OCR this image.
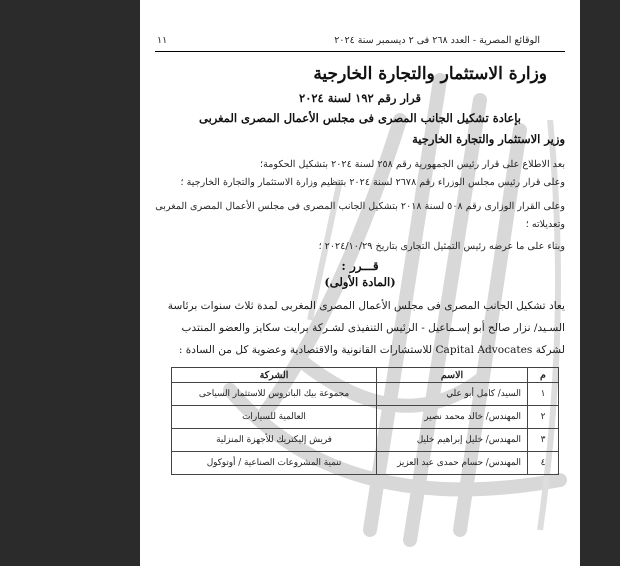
الوقائع المصرية - العدد ٢٦٨ فى ٢ ديسمبر سنة ٢٠٢٤
١١
وزارة الاستثمار والتجارة الخارجية
قرار رقم ١٩٢ لسنة ٢٠٢٤
بإعادة تشكيل الجانب المصرى فى مجلس الأعمال المصرى المغربى
وزير الاستثمار والتجارة الخارجية
بعد الاطلاع على قرار رئيس الجمهورية رقم ٢٥٨ لسنة ٢٠٢٤ بتشكيل الحكومة؛
وعلى قرار رئيس مجلس الوزراء رقم ٢٦٧٨ لسنة ٢٠٢٤ بتنظيم وزارة الاستثمار والتجارة الخارجية ؛
وعلى القرار الوزارى رقم ٥٠٨ لسنة ٢٠١٨ بتشكيل الجانب المصرى فى مجلس الأعمال المصرى المغربى وتعديلاته ؛
وبناء على ما عرضه رئيس التمثيل التجارى بتاريخ ٢٠٢٤/١٠/٢٩ ؛
قـــرر :
(المادة الأولى)
يعاد تشكيل الجانب المصرى فى مجلس الأعمال المصرى المغربى لمدة ثلاث سنوات برئاسة السـيد/ نزار صالح أبو إسـماعيل - الرئيس التنفيذى لشـركة برايت سكايز والعضو المنتدب لشركة Capital Advocates للاستشارات القانونية والاقتصادية وعضوية كل من السادة :
م	الاسم	الشركة
١	السيد/ كامل أبو علي	مجموعة بيك الباتروس للاستثمار السياحى
٢	المهندس/ خالد محمد نصير	العالمية للسيارات
٣	المهندس/ خليل إبراهيم خليل	فريش إليكتريك للأجهزة المنزلية
٤	المهندس/ حسام حمدى عبد العزيز	تنمية المشروعات الصناعية / أوتوكول
